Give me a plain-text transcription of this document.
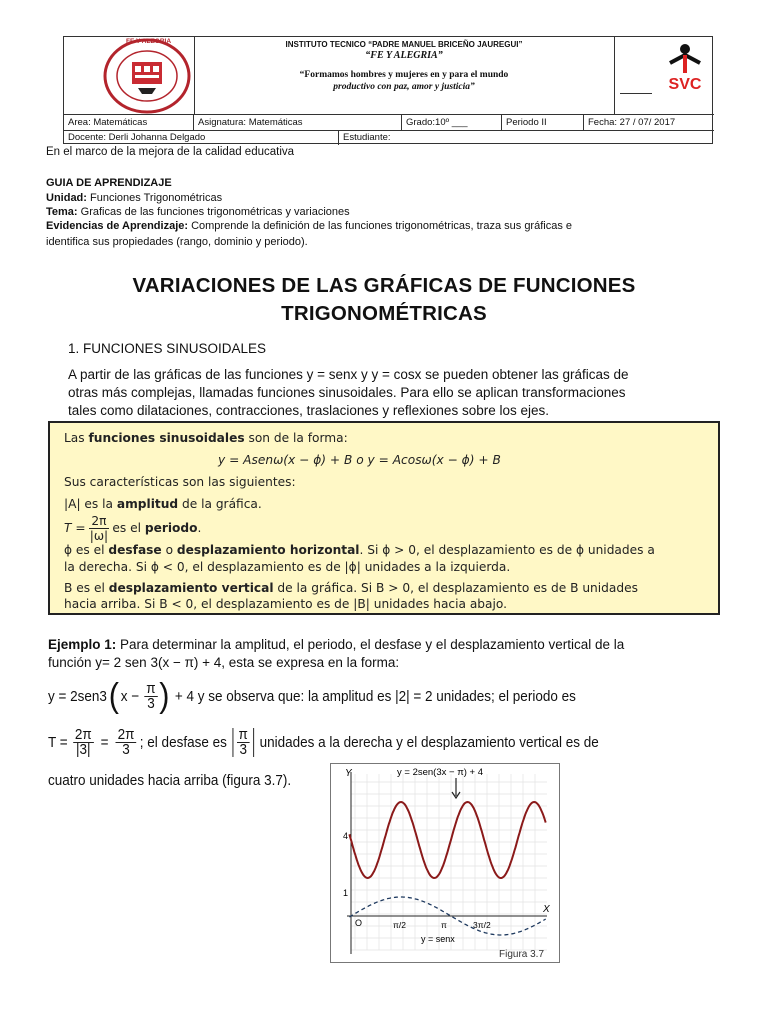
FE Y ALEGRIA	INSTITUTO TECNICO “PADRE MANUEL BRICEÑO JAUREGUI”
“FE Y ALEGRIA”
“Formamos hombres y mujeres en y para el mundo
productivo con paz, amor y justicia”	SVC
Area: Matemáticas	Asignatura: Matemáticas	Grado:10º ___	Periodo II	Fecha: 27 / 07/ 2017
Docente: Derli Johanna Delgado	Estudiante:
En el marco de la mejora de la calidad educativa
GUIA DE APRENDIZAJE
Unidad: Funciones Trigonométricas
Tema: Graficas de las funciones trigonométricas y variaciones
Evidencias de Aprendizaje: Comprende la definición de las funciones trigonométricas, traza sus gráficas e
identifica sus propiedades (rango, dominio y periodo).
VARIACIONES DE LAS GRÁFICAS DE FUNCIONES
TRIGONOMÉTRICAS
1. FUNCIONES SINUSOIDALES
A partir de las gráficas de las funciones y = senx y y = cosx se pueden obtener las gráficas de
otras más complejas, llamadas funciones sinusoidales. Para ello se aplican transformaciones
tales como dilataciones, contracciones, traslaciones y reflexiones sobre los ejes.
Las funciones sinusoidales son de la forma:
y = Asenω(x − ϕ) + B o y = Acosω(x − ϕ) + B
Sus características son las siguientes:
|A| es la amplitud de la gráfica.
$T = \frac{2\pi}{|\omega|}$ es el periodo.
ϕ es el desfase o desplazamiento horizontal. Si ϕ > 0, el desplazamiento es de ϕ unidades a
la derecha. Si ϕ < 0, el desplazamiento es de |ϕ| unidades a la izquierda.
B es el desplazamiento vertical de la gráfica. Si B > 0, el desplazamiento es de B unidades
hacia arriba. Si B < 0, el desplazamiento es de |B| unidades hacia abajo.
Ejemplo 1: Para determinar la amplitud, el periodo, el desfase y el desplazamiento vertical de la
función y= 2 sen 3(x − π) + 4, esta se expresa en la forma:
y = 2sen3 ( $x - \frac{\pi}{3}$ ) + 4 y se observa que: la amplitud es |2| = 2 unidades; el periodo es
$T = \frac{2\pi}{|3|} = \frac{2\pi}{3}$ ; el desfase es $\frac{\pi}{3}$ unidades a la derecha y el desplazamiento vertical es de
cuatro unidades hacia arriba (figura 3.7).	Y
X
y = 2sen(3x − π) + 4
4
1
O	π/2	π	3π/2
y = senx
Figura 3.7
